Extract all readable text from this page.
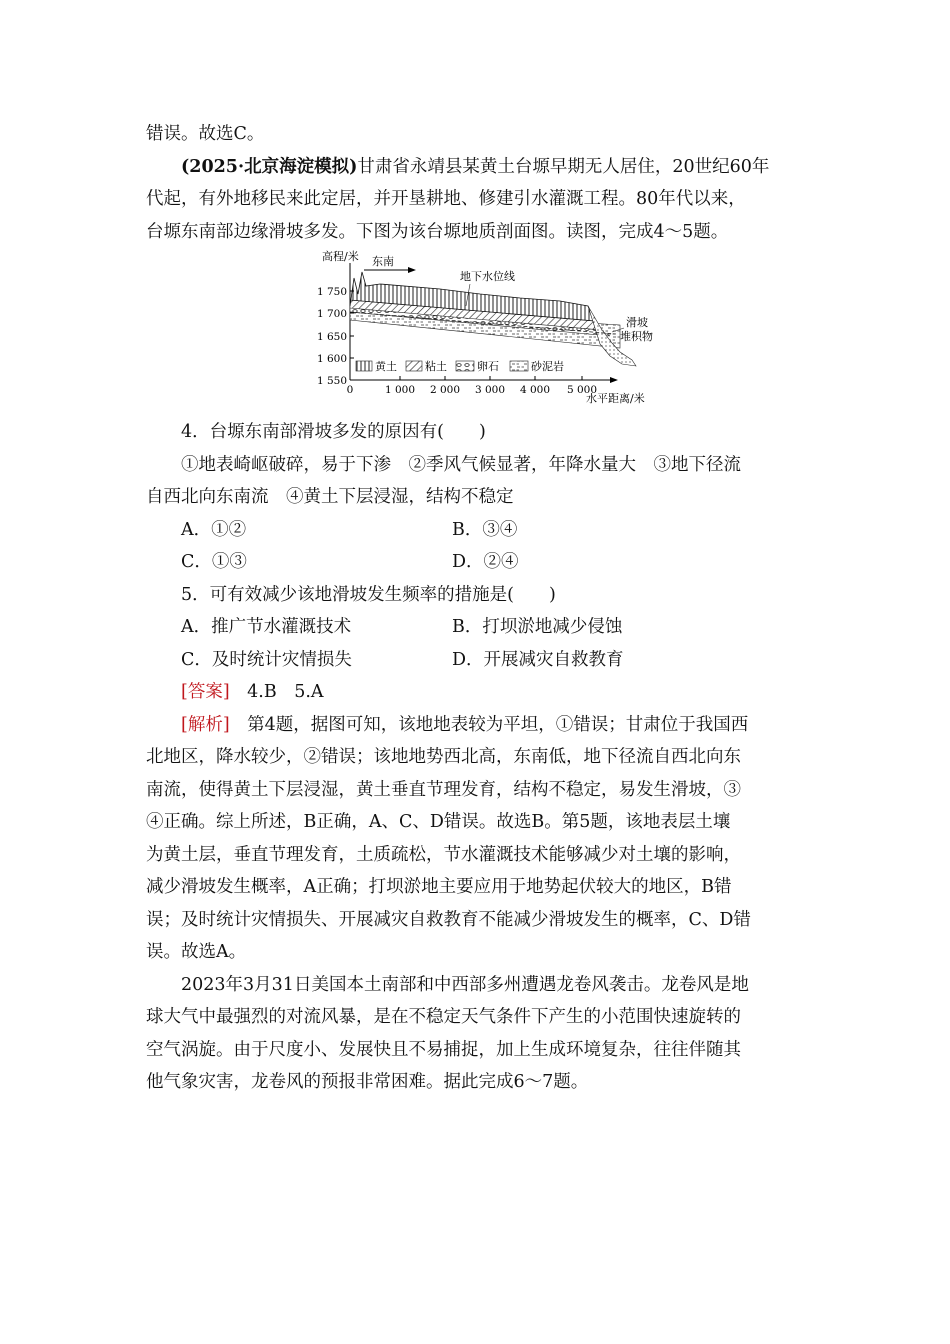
错误。故选C。
(2025·北京海淀模拟)甘肃省永靖县某黄土台塬早期无人居住，20世纪60年
代起，有外地移民来此定居，并开垦耕地、修建引水灌溉工程。80年代以来，
台塬东南部边缘滑坡多发。下图为该台塬地质剖面图。读图，完成4～5题。
高程/米 东南
地下水位线
滑坡
堆积物
1 750
1 700
1 650
1 600
1 550
0	1 000 2 000 3 000 4 000 5 000
水平距离/米
黄土	粘土	卵石	砂泥岩
4．台塬东南部滑坡多发的原因有(　　)
①地表崎岖破碎，易于下渗　②季风气候显著，年降水量大　③地下径流
自西北向东南流　④黄土下层浸湿，结构不稳定
A．①②	B．③④
C．①③	D．②④
5．可有效减少该地滑坡发生频率的措施是(　　)
A．推广节水灌溉技术	B．打坝淤地减少侵蚀
C．及时统计灾情损失	D．开展减灾自救教育
[答案]　4.B　5.A
[解析]　第4题，据图可知，该地地表较为平坦，①错误；甘肃位于我国西
北地区，降水较少，②错误；该地地势西北高，东南低，地下径流自西北向东
南流，使得黄土下层浸湿，黄土垂直节理发育，结构不稳定，易发生滑坡，③
④正确。综上所述，B正确，A、C、D错误。故选B。第5题，该地表层土壤
为黄土层，垂直节理发育，土质疏松，节水灌溉技术能够减少对土壤的影响，
减少滑坡发生概率，A正确；打坝淤地主要应用于地势起伏较大的地区，B错
误；及时统计灾情损失、开展减灾自救教育不能减少滑坡发生的概率，C、D错
误。故选A。
2023年3月31日美国本土南部和中西部多州遭遇龙卷风袭击。龙卷风是地
球大气中最强烈的对流风暴，是在不稳定天气条件下产生的小范围快速旋转的
空气涡旋。由于尺度小、发展快且不易捕捉，加上生成环境复杂，往往伴随其
他气象灾害，龙卷风的预报非常困难。据此完成6～7题。
